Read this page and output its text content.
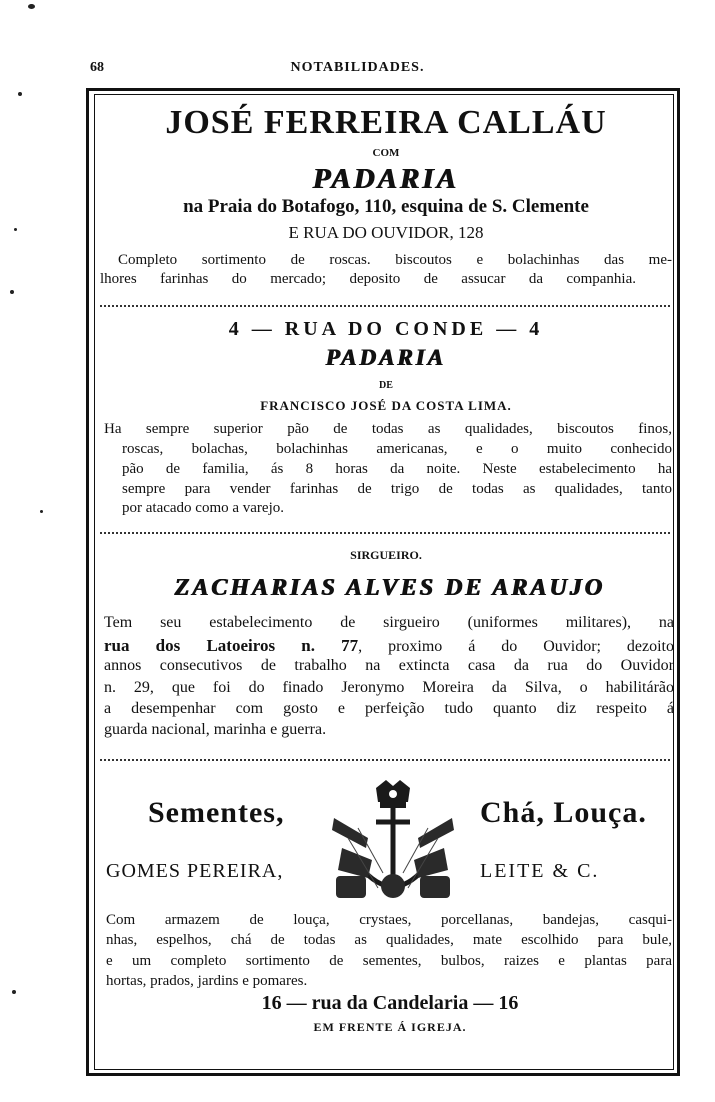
68	NOTABILIDADES.
JOSÉ FERREIRA CALLÁU
COM
PADARIA
na Praia do Botafogo, 110, esquina de S. Clemente
E RUA DO OUVIDOR, 128
Completo sortimento de roscas. biscoutos e bolachinhas das me-
lhores farinhas do mercado; deposito de assucar da companhia.
4 — RUA DO CONDE — 4
PADARIA
DE
FRANCISCO JOSÉ DA COSTA LIMA.
Ha sempre superior pão de todas as qualidades, biscoutos finos,
roscas, bolachas, bolachinhas americanas, e o muito conhecido
pão de familia, ás 8 horas da noite. Neste estabelecimento ha
sempre para vender farinhas de trigo de todas as qualidades, tanto
por atacado como a varejo.
SIRGUEIRO.
ZACHARIAS ALVES DE ARAUJO
Tem seu estabelecimento de sirgueiro (uniformes militares), na
rua dos Latoeiros n. 77, proximo á do Ouvidor; dezoito
annos consecutivos de trabalho na extincta casa da rua do Ouvidor
n. 29, que foi do finado Jeronymo Moreira da Silva, o habilitárão
a desempenhar com gosto e perfeição tudo quanto diz respeito á
guarda nacional, marinha e guerra.
Sementes,	Chá, Louça.
GOMES PEREIRA,	LEITE & C.
Com armazem de louça, crystaes, porcellanas, bandejas, casqui-
nhas, espelhos, chá de todas as qualidades, mate escolhido para bule,
e um completo sortimento de sementes, bulbos, raizes e plantas para
hortas, prados, jardins e pomares.
16 — rua da Candelaria — 16
EM FRENTE Á IGREJA.
